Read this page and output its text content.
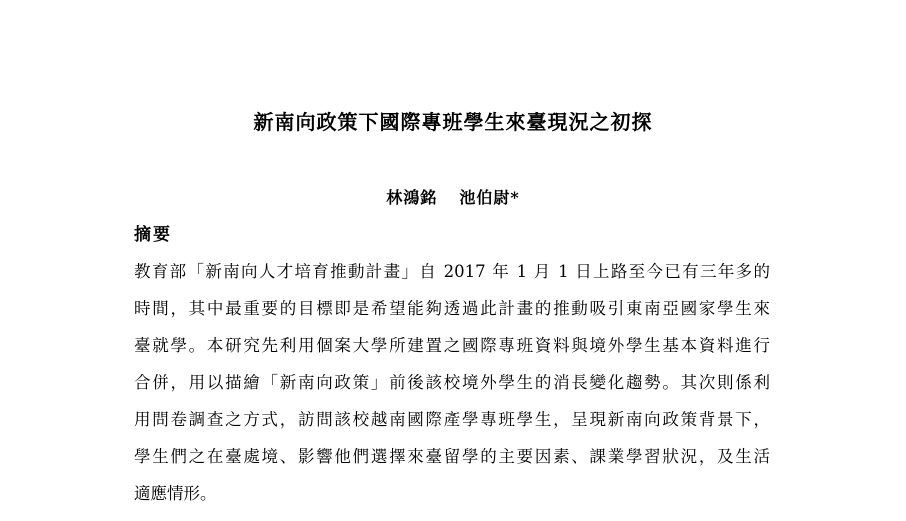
新南向政策下國際專班學生來臺現況之初探
林鴻銘 池伯尉*
摘要
教育部「新南向人才培育推動計畫」自 2017 年 1 月 1 日上路至今已有三年多的
時間，其中最重要的目標即是希望能夠透過此計畫的推動吸引東南亞國家學生來
臺就學。本研究先利用個案大學所建置之國際專班資料與境外學生基本資料進行
合併，用以描繪「新南向政策」前後該校境外學生的消長變化趨勢。其次則係利
用問卷調查之方式，訪問該校越南國際產學專班學生，呈現新南向政策背景下，
學生們之在臺處境、影響他們選擇來臺留學的主要因素、課業學習狀況，及生活
適應情形。
